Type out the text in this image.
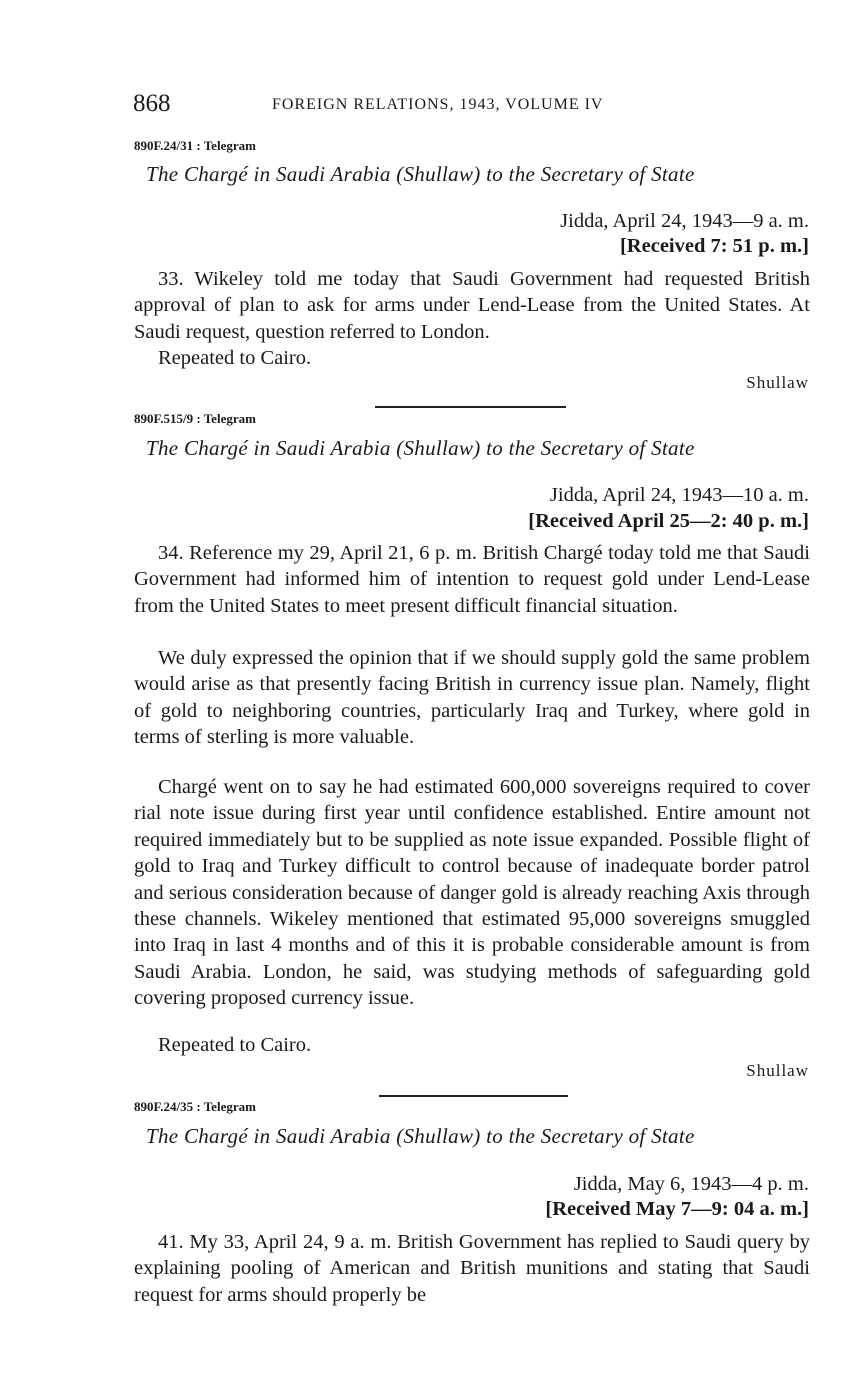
868	FOREIGN RELATIONS, 1943, VOLUME IV
890F.24/31 : Telegram
The Chargé in Saudi Arabia (Shullaw) to the Secretary of State
Jidda, April 24, 1943—9 a. m.
[Received 7: 51 p. m.]

33. Wikeley told me today that Saudi Government had requested British approval of plan to ask for arms under Lend-Lease from the United States. At Saudi request, question referred to London.

Repeated to Cairo.

Shullaw
890F.515/9 : Telegram
The Chargé in Saudi Arabia (Shullaw) to the Secretary of State
Jidda, April 24, 1943—10 a. m.
[Received April 25—2: 40 p. m.]

34. Reference my 29, April 21, 6 p. m. British Chargé today told me that Saudi Government had informed him of intention to request gold under Lend-Lease from the United States to meet present difficult financial situation.

We duly expressed the opinion that if we should supply gold the same problem would arise as that presently facing British in currency issue plan. Namely, flight of gold to neighboring countries, particularly Iraq and Turkey, where gold in terms of sterling is more valuable.

Chargé went on to say he had estimated 600,000 sovereigns required to cover rial note issue during first year until confidence established. Entire amount not required immediately but to be supplied as note issue expanded. Possible flight of gold to Iraq and Turkey difficult to control because of inadequate border patrol and serious consideration because of danger gold is already reaching Axis through these channels. Wikeley mentioned that estimated 95,000 sovereigns smuggled into Iraq in last 4 months and of this it is probable considerable amount is from Saudi Arabia. London, he said, was studying methods of safeguarding gold covering proposed currency issue.

Repeated to Cairo.

Shullaw
890F.24/35 : Telegram
The Chargé in Saudi Arabia (Shullaw) to the Secretary of State
Jidda, May 6, 1943—4 p. m.
[Received May 7—9: 04 a. m.]

41. My 33, April 24, 9 a. m. British Government has replied to Saudi query by explaining pooling of American and British munitions and stating that Saudi request for arms should properly be
